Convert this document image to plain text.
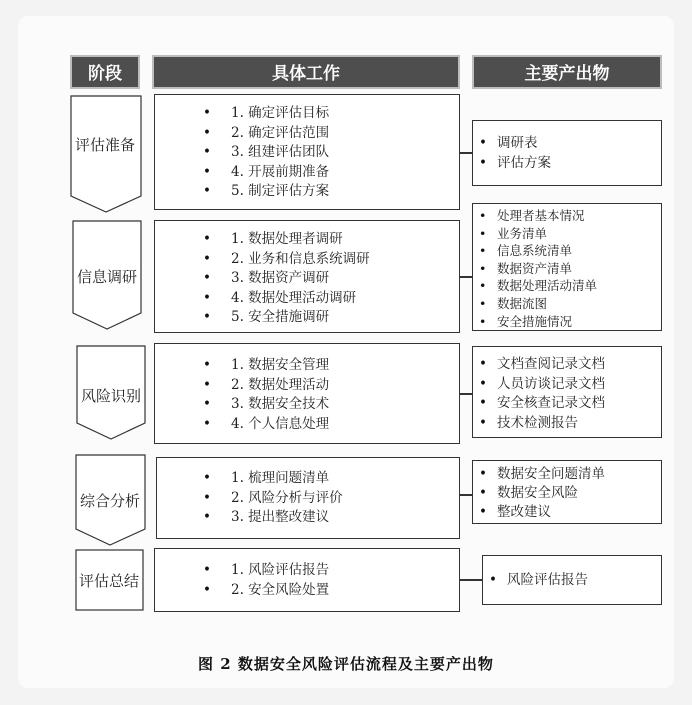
阶段	具体工作	主要产出物
评估准备
信息调研
风险识别
综合分析
评估总结
• 1. 确定评估目标
• 2. 确定评估范围
• 3. 组建评估团队
• 4. 开展前期准备
• 5. 制定评估方案
• 1. 数据处理者调研
• 2. 业务和信息系统调研
• 3. 数据资产调研
• 4. 数据处理活动调研
• 5. 安全措施调研
• 1. 数据安全管理
• 2. 数据处理活动
• 3. 数据安全技术
• 4. 个人信息处理
• 1. 梳理问题清单
• 2. 风险分析与评价
• 3. 提出整改建议
• 1. 风险评估报告
• 2. 安全风险处置
• 调研表
• 评估方案
• 处理者基本情况
• 业务清单
• 信息系统清单
• 数据资产清单
• 数据处理活动清单
• 数据流图
• 安全措施情况
• 文档查阅记录文档
• 人员访谈记录文档
• 安全核查记录文档
• 技术检测报告
• 数据安全问题清单
• 数据安全风险
• 整改建议
• 风险评估报告
图 2 数据安全风险评估流程及主要产出物
